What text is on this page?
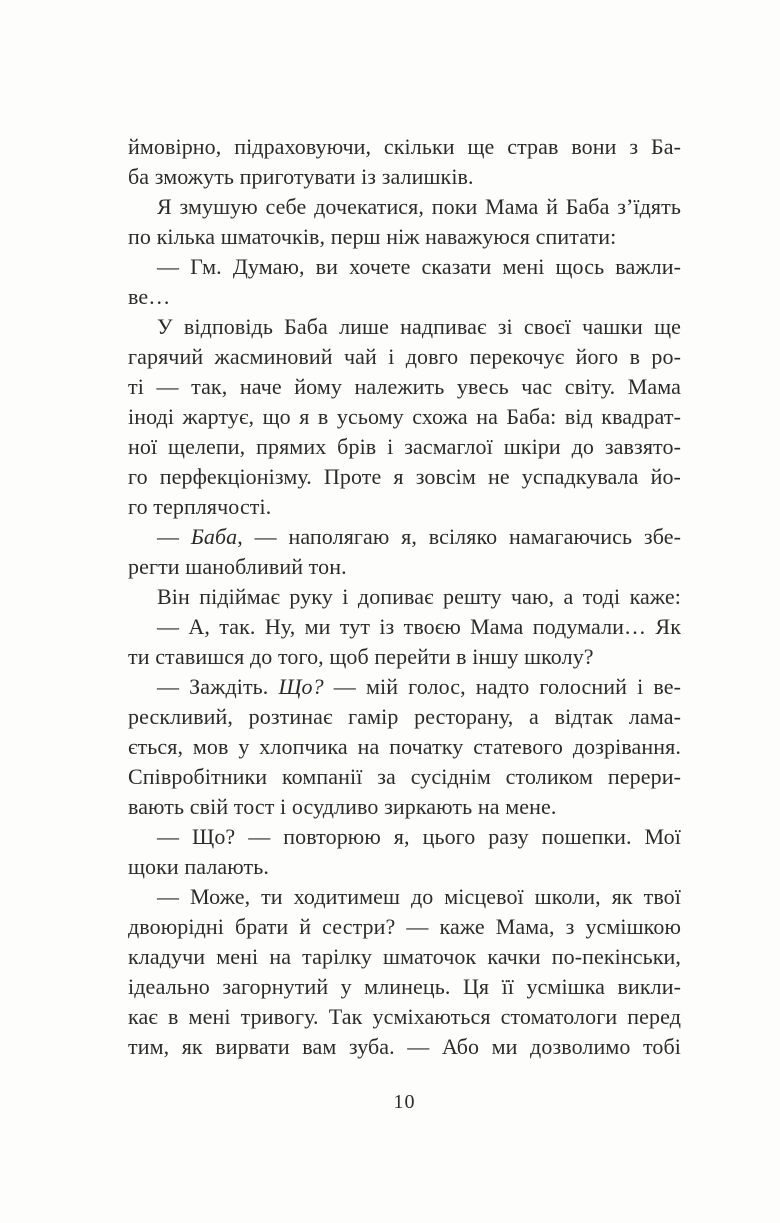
ймовірно, підраховуючи, скільки ще страв вони з Ба-
ба зможуть приготувати із залишків.
Я змушую себе дочекатися, поки Мама й Баба з’їдять
по кілька шматочків, перш ніж наважуюся спитати:
— Гм. Думаю, ви хочете сказати мені щось важли-
ве…
У відповідь Баба лише надпиває зі своєї чашки ще
гарячий жасминовий чай і довго перекочує його в ро-
ті — так, наче йому належить увесь час світу. Мама
іноді жартує, що я в усьому схожа на Баба: від квадрат-
ної щелепи, прямих брів і засмаглої шкіри до завзято-
го перфекціонізму. Проте я зовсім не успадкувала йо-
го терплячості.
— Баба, — наполягаю я, всіляко намагаючись збе-
регти шанобливий тон.
Він підіймає руку і допиває решту чаю, а тоді каже:
— А, так. Ну, ми тут із твоєю Мама подумали… Як
ти ставишся до того, щоб перейти в іншу школу?
— Заждіть. Що? — мій голос, надто голосний і ве-
рескливий, розтинає гамір ресторану, а відтак лама-
ється, мов у хлопчика на початку статевого дозрівання.
Співробітники компанії за сусіднім столиком перери-
вають свій тост і осудливо зиркають на мене.
— Що? — повторюю я, цього разу пошепки. Мої
щоки палають.
— Може, ти ходитимеш до місцевої школи, як твої
двоюрідні брати й сестри? — каже Мама, з усмішкою
кладучи мені на тарілку шматочок качки по-пекінськи,
ідеально загорнутий у млинець. Ця її усмішка викли-
кає в мені тривогу. Так усміхаються стоматологи перед
тим, як вирвати вам зуба. — Або ми дозволимо тобі
10
